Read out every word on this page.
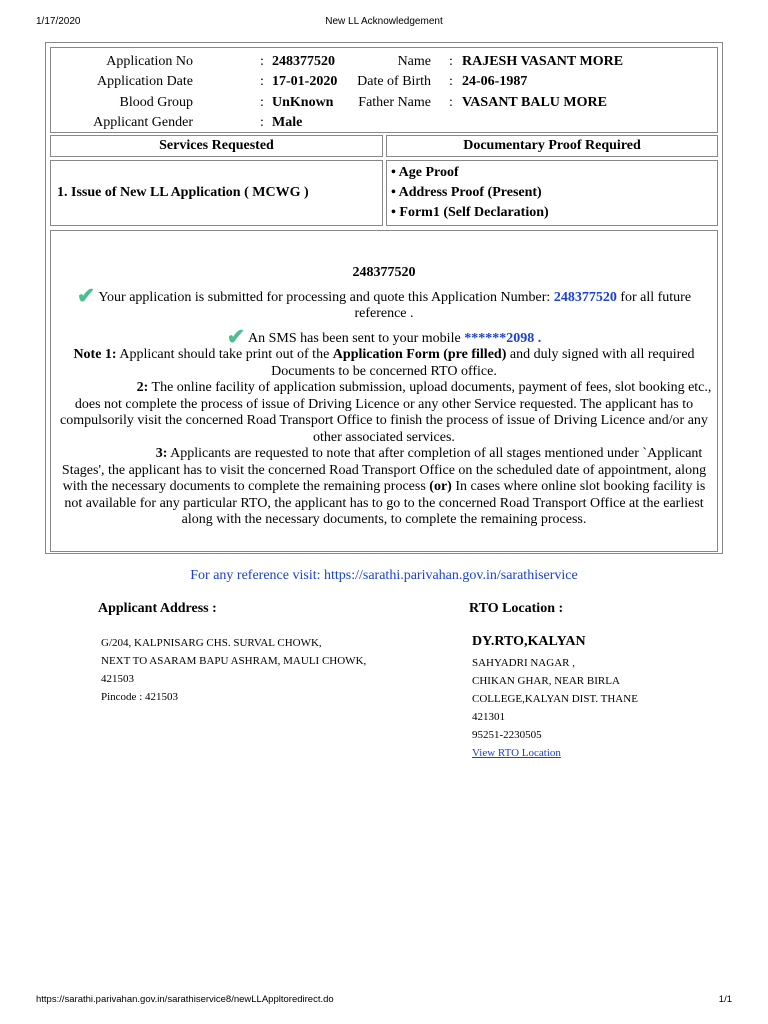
1/17/2020	New LL Acknowledgement
Application No	: 248377520	Name : RAJESH VASANT MORE
Application Date	: 17-01-2020 Date of Birth : 24-06-1987
Blood Group	: UnKnown Father Name : VASANT BALU MORE
Applicant Gender	: Male
Services Requested	Documentary Proof Required
1. Issue of New LL Application ( MCWG )
• Age Proof
• Address Proof (Present)
• Form1 (Self Declaration)
248377520
✔ Your application is submitted for processing and quote this Application Number: 248377520 for all future reference .
✔ An SMS has been sent to your mobile ******2098 .
Note 1: Applicant should take print out of the Application Form (pre filled) and duly signed with all required Documents to be concerned RTO office.
2: The online facility of application submission, upload documents, payment of fees, slot booking etc., does not complete the process of issue of Driving Licence or any other Service requested. The applicant has to compulsorily visit the concerned Road Transport Office to finish the process of issue of Driving Licence and/or any other associated services.
3: Applicants are requested to note that after completion of all stages mentioned under `Applicant Stages', the applicant has to visit the concerned Road Transport Office on the scheduled date of appointment, along with the necessary documents to complete the remaining process (or) In cases where online slot booking facility is not available for any particular RTO, the applicant has to go to the concerned Road Transport Office at the earliest along with the necessary documents, to complete the remaining process.
For any reference visit: https://sarathi.parivahan.gov.in/sarathiservice
Applicant Address :
G/204, KALPNISARG CHS. SURVAL CHOWK,
NEXT TO ASARAM BAPU ASHRAM, MAULI CHOWK,
421503
Pincode : 421503
RTO Location :
DY.RTO,KALYAN
SAHYADRI NAGAR ,
CHIKAN GHAR, NEAR BIRLA
COLLEGE,KALYAN DIST. THANE
421301
95251-2230505
View RTO Location
https://sarathi.parivahan.gov.in/sarathiservice8/newLLAppltoredirect.do	1/1
